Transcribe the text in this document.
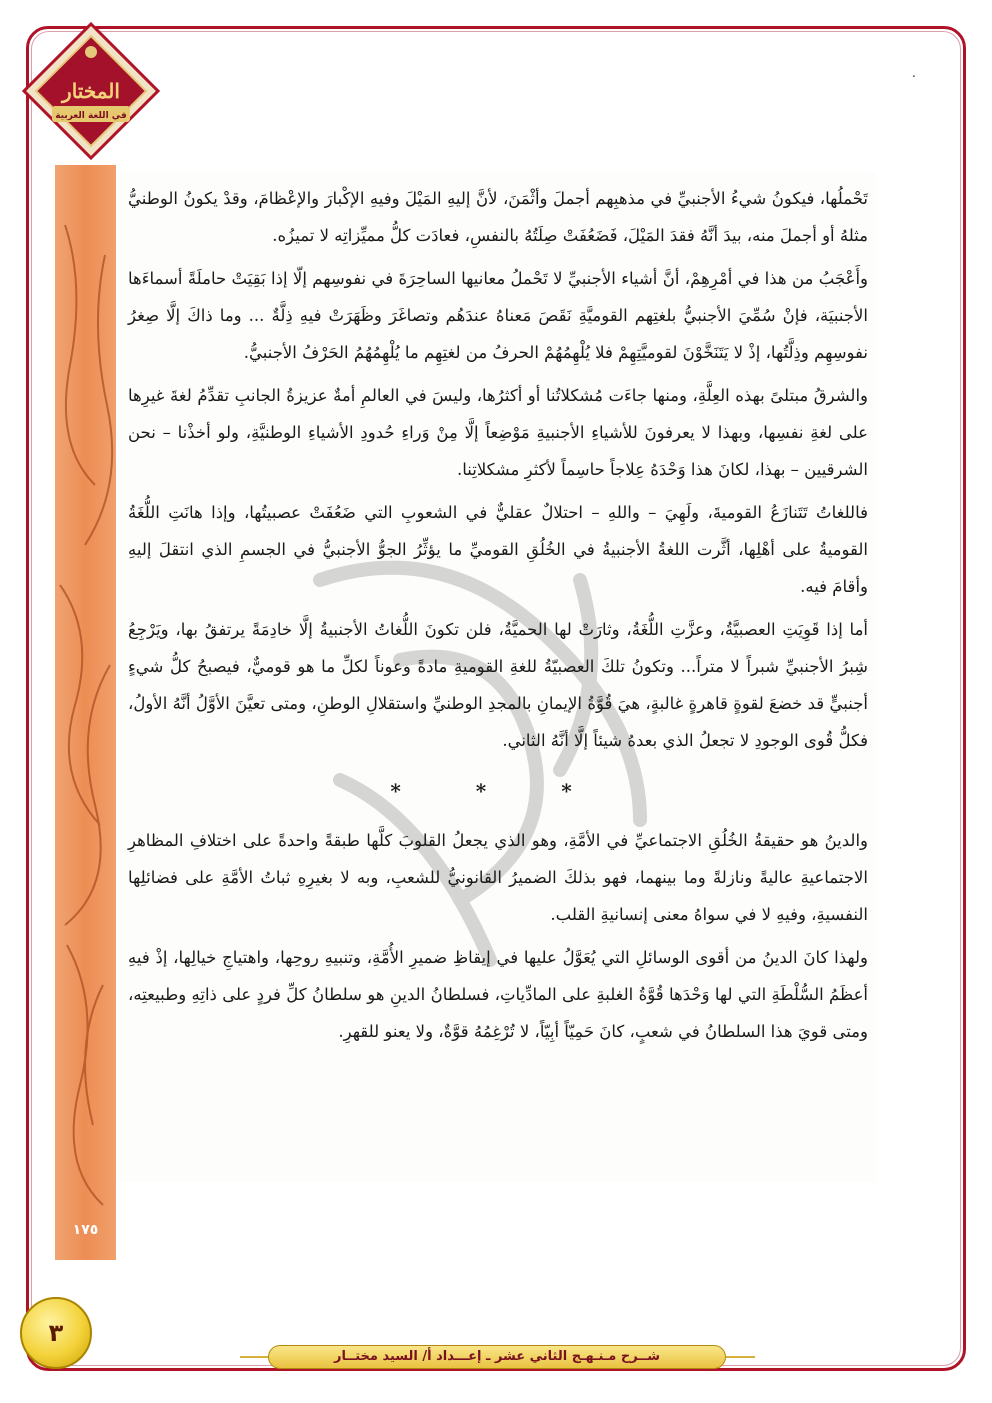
المختار
في اللغة العربية
.
١٧٥

تَحْملُها، فيكونُ شيءُ الأجنبيِّ في مذهبِهم أجملَ وأثْمَنَ، لأنَّ إليهِ المَيْلَ وفيهِ الإكْبارَ والإعْظامَ، وقدْ يكونُ الوطنيُّ مثلهُ أو أجملَ منه، بيدَ أنَّهُ فقدَ المَيْلَ، فَضَعُفَتْ صِلَتُهُ بالنفسِ، فعادَت كلُّ مميِّزاتِه لا تميزُه.

وأَعْجَبُ من هذا في أمْرِهِمْ، أنَّ أشياء الأجنبيِّ لا تَحْملُ معانيها الساحِرَةَ في نفوسِهم إلّا إذا بَقِيَتْ حاملَةً أسماءَها الأجنبيَة، فإنْ سُمِّيَ الأجنبيُّ بلغتِهم القوميَّةِ نَقَصَ مَعناهُ عندَهُم وتصاغَرَ وظَهَرَتْ فيهِ ذِلَّةٌ ... وما ذاكَ إلَّا صِغرُ نفوسِهِم وذِلَّتُها، إذْ لا يَتَنَخَّوْنَ لقوميَّتِهِمْ فلا يُلْهِمُهُمْ الحرفُ من لغتِهِم ما يُلْهِمُهُمُ الحَرْفُ الأجنبيُّ.

والشرقُ مبتلىً بهذه العِلَّةِ، ومنها جاءَت مُشكلاتُنا أو أكثرُها، وليسَ في العالمِ أمةٌ عزيزةُ الجانبِ تقدِّمُ لغةَ غيرِها على لغةِ نفسِها، وبهذا لا يعرفونَ للأشياءِ الأجنبيةِ مَوْضِعاً إلَّا مِنْ وَراءِ حُدودِ الأشياءِ الوطنيَّةِ، ولو أخذْنا – نحن الشرقيين – بهذا، لكانَ هذا وَحْدَهُ عِلاجاً حاسِماً لأكثرِ مشكلاتِنا.

فاللغاتُ تَتَنازَعُ القوميةَ، ولَهِيَ – واللهِ – احتلالٌ عقليٌّ في الشعوبِ التي ضَعُفَتْ عصبيتُها، وإذا هانَتِ اللُّغَةُ القوميةُ على أهْلِها، أثَّرت اللغةُ الأجنبيةُ في الخُلُقِ القوميِّ ما يؤثِّرُ الجوُّ الأجنبيُّ في الجسمِ الذي انتقلَ إليهِ وأقامَ فيه.

أما إذا قَوِيَتِ العصبيَّةُ، وعزَّتِ اللُّغَةُ، وثارَتْ لها الحميَّةُ، فلن تكونَ اللُّغاتُ الأجنبيةُ إلَّا خادِمَةً يرتفقُ بها، ويَرْجِعُ شِبرُ الأجنبيِّ شبراً لا متراً... وتكونُ تلكَ العصبيّةُ للغةِ القوميةِ مادةً وعوناً لكلِّ ما هو قوميٌّ، فيصبحُ كلُّ شيءٍ أجنبيٍّ قد خضعَ لقوةٍ قاهرةٍ غالبةٍ، هيَ قُوَّةُ الإيمانِ بالمجدِ الوطنيِّ واستقلالِ الوطنِ، ومتى تعيَّنَ الأوَّلُ أنَّهُ الأولُ، فكلُّ قُوى الوجودِ لا تجعلُ الذي بعدهُ شيئاً إلَّا أنَّهُ الثاني.

* * *

والدينُ هو حقيقةُ الخُلُقِ الاجتماعيِّ في الأمَّةِ، وهو الذي يجعلُ القلوبَ كلَّها طبقةً واحدةً على اختلافِ المظاهرِ الاجتماعيةِ عاليةً ونازلةً وما بينهما، فهو بذلكَ الضميرُ القانونيُّ للشعبِ، وبه لا بغيرِهِ ثباتُ الأمَّةِ على فضائلِها النفسيةِ، وفيهِ لا في سواهُ معنى إنسانيةِ القلب.

ولهذا كانَ الدينُ من أقوى الوسائلِ التي يُعَوَّلُ عليها في إيقاظِ ضميرِ الأُمَّةِ، وتنبيهِ روحِها، واهتياجِ خيالِها، إذْ فيهِ أعظَمُ السُّلْطَةِ التي لها وَحْدَها قُوَّةُ الغلبةِ على المادِّياتِ، فسلطانُ الدينِ هو سلطانُ كلِّ فردٍ على ذاتِهِ وطبيعتِه، ومتى قويَ هذا السلطانُ في شعبٍ، كانَ حَمِيّاً أبِيّاً، لا تُرْغِمُهُ قوَّةٌ، ولا يعنو للقهرِ.

٣
شــرح مـنـهـج الثاني عشر ـ إعـــداد أ/ السيد مختــار
